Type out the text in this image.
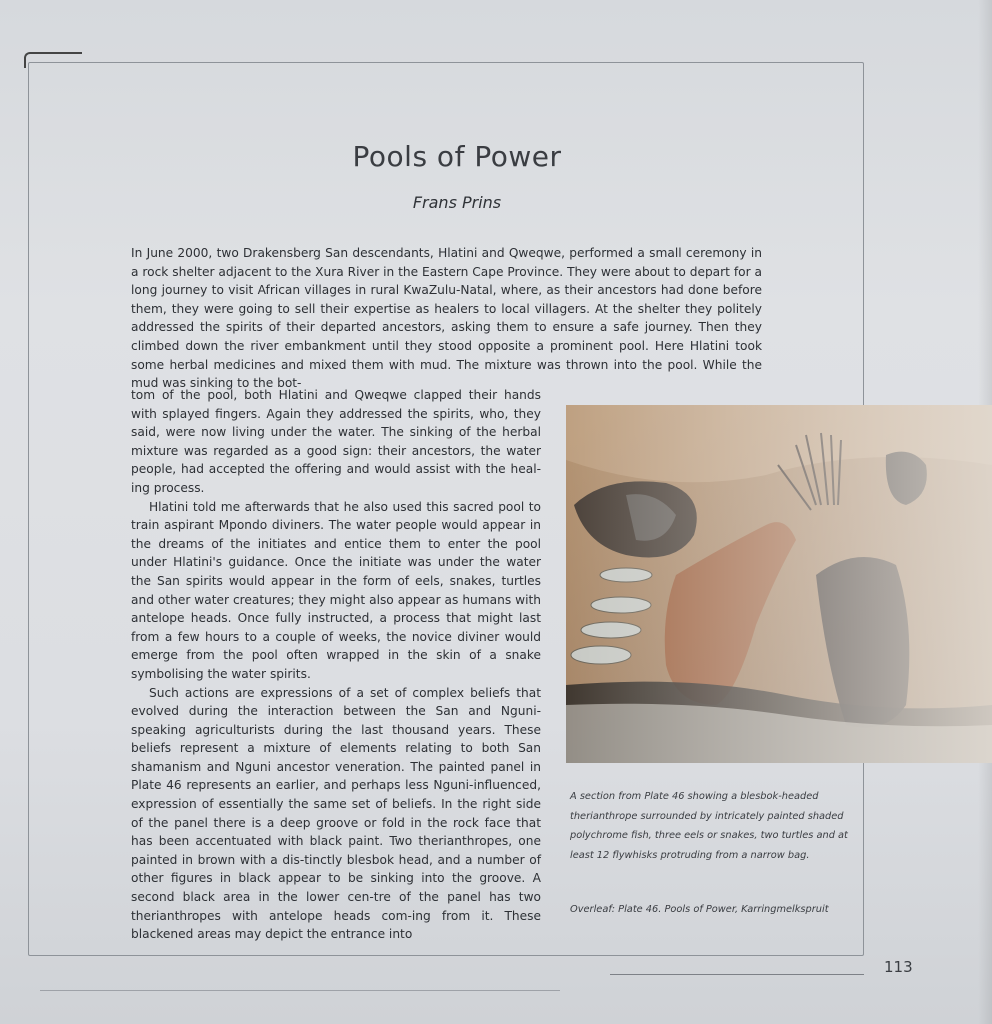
Pools of Power
Frans Prins

In June 2000, two Drakensberg San descendants, Hlatini and Qweqwe, performed a small ceremony in a rock shelter adjacent to the Xura River in the Eastern Cape Province. They were about to depart for a long journey to visit African villages in rural KwaZulu-Natal, where, as their ancestors had done before them, they were going to sell their expertise as healers to local villagers. At the shelter they politely addressed the spirits of their departed ancestors, asking them to ensure a safe journey. Then they climbed down the river embankment until they stood opposite a prominent pool. Here Hlatini took some herbal medicines and mixed them with mud. The mixture was thrown into the pool. While the mud was sinking to the bot-

tom of the pool, both Hlatini and Qweqwe clapped their hands with splayed fingers. Again they addressed the spirits, who, they said, were now living under the water. The sinking of the herbal mixture was regarded as a good sign: their ancestors, the water people, had accepted the offering and would assist with the heal-ing process.

Hlatini told me afterwards that he also used this sacred pool to train aspirant Mpondo diviners. The water people would appear in the dreams of the initiates and entice them to enter the pool under Hlatini's guidance. Once the initiate was under the water the San spirits would appear in the form of eels, snakes, turtles and other water creatures; they might also appear as humans with antelope heads. Once fully instructed, a process that might last from a few hours to a couple of weeks, the novice diviner would emerge from the pool often wrapped in the skin of a snake symbolising the water spirits.

Such actions are expressions of a set of complex beliefs that evolved during the interaction between the San and Nguni-speaking agriculturists during the last thousand years. These beliefs represent a mixture of elements relating to both San shamanism and Nguni ancestor veneration. The painted panel in Plate 46 represents an earlier, and perhaps less Nguni-influenced, expression of essentially the same set of beliefs. In the right side of the panel there is a deep groove or fold in the rock face that has been accentuated with black paint. Two therianthropes, one painted in brown with a dis-tinctly blesbok head, and a number of other figures in black appear to be sinking into the groove. A second black area in the lower cen-tre of the panel has two therianthropes with antelope heads com-ing from it. These blackened areas may depict the entrance into

A section from Plate 46 showing a blesbok-headed therianthrope surrounded by intricately painted shaded polychrome fish, three eels or snakes, two turtles and at least 12 flywhisks protruding from a narrow bag.

Overleaf: Plate 46. Pools of Power, Karringmelkspruit

113
